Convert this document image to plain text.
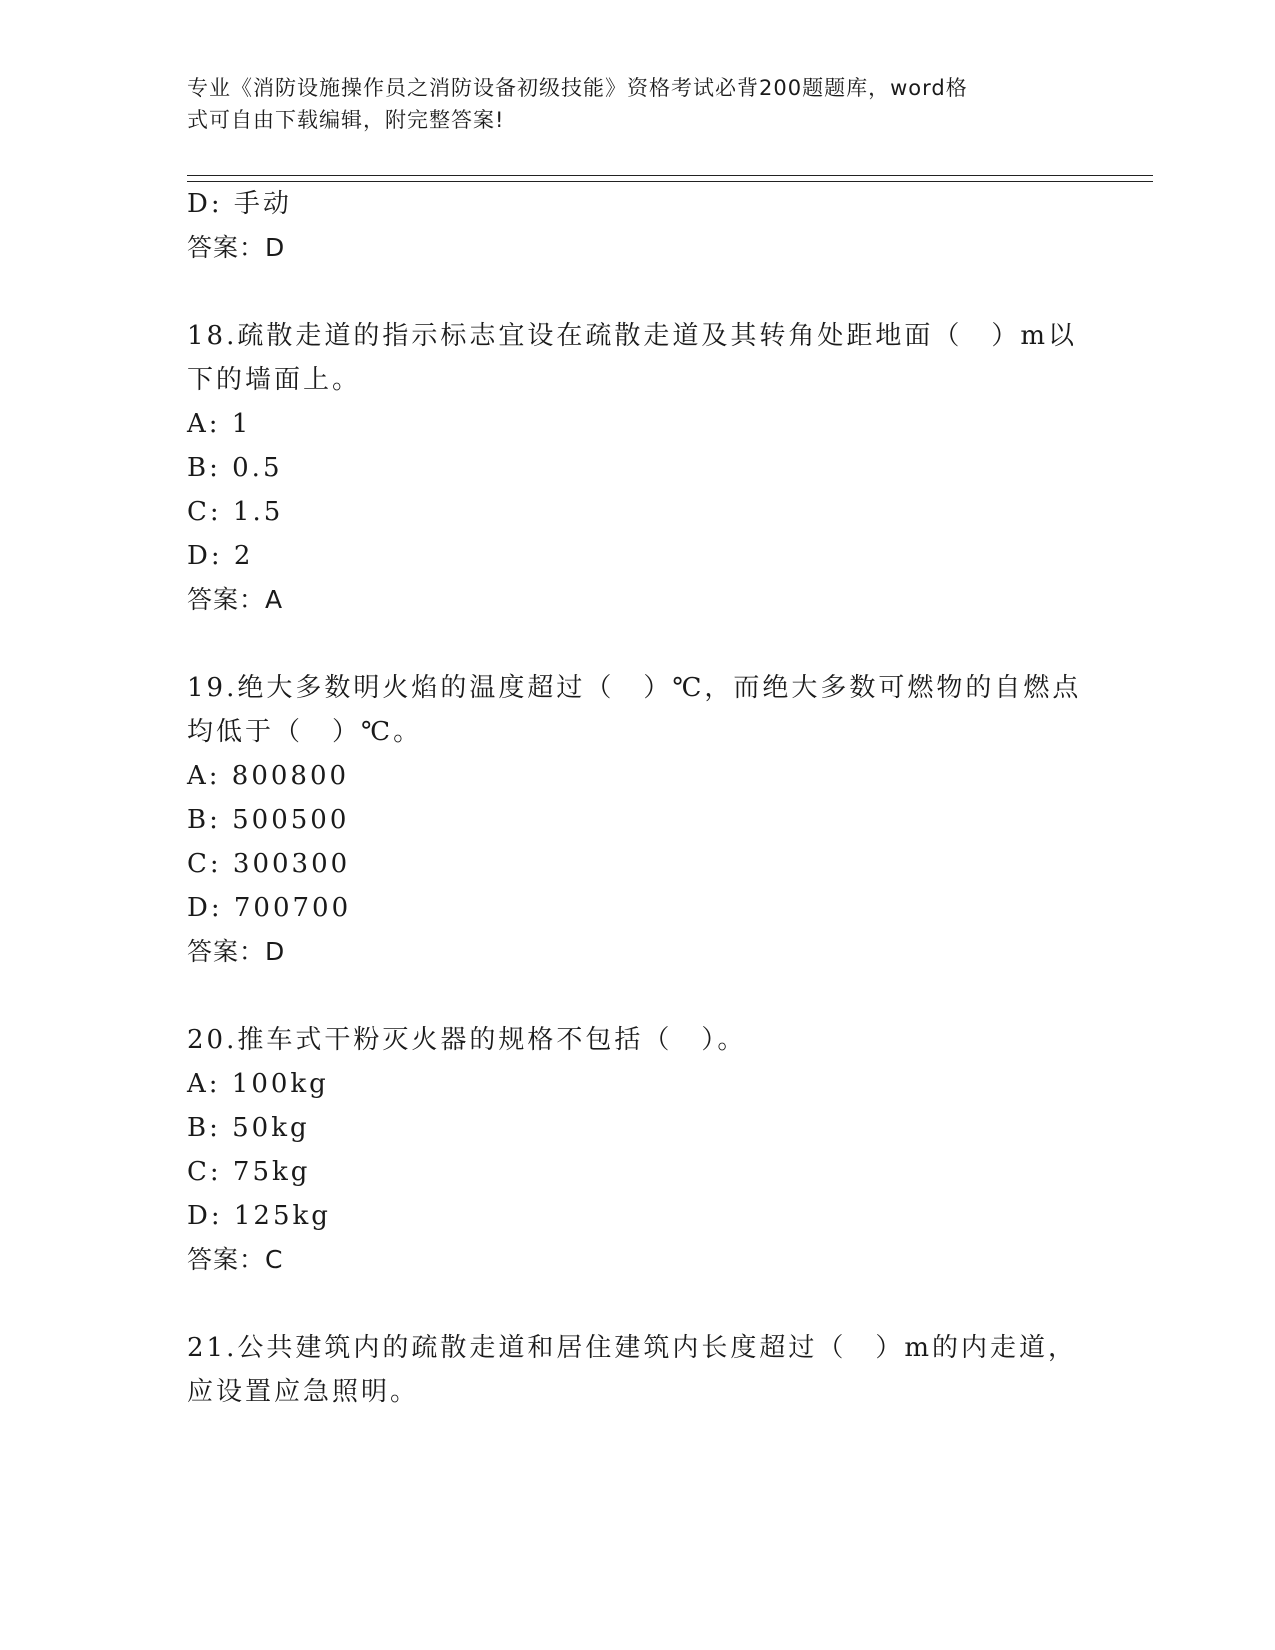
专业《消防设施操作员之消防设备初级技能》资格考试必背200题题库，word格
式可自由下载编辑，附完整答案!
D: 手动
答案：D
18.疏散走道的指示标志宜设在疏散走道及其转角处距地面（　）m以
下的墙面上。
A: 1
B: 0.5
C: 1.5
D: 2
答案：A
19.绝大多数明火焰的温度超过（　）℃，而绝大多数可燃物的自燃点
均低于（　）℃。
A: 800800
B: 500500
C: 300300
D: 700700
答案：D
20.推车式干粉灭火器的规格不包括（　）。
A: 100kg
B: 50kg
C: 75kg
D: 125kg
答案：C
21.公共建筑内的疏散走道和居住建筑内长度超过（　）m的内走道，
应设置应急照明。
